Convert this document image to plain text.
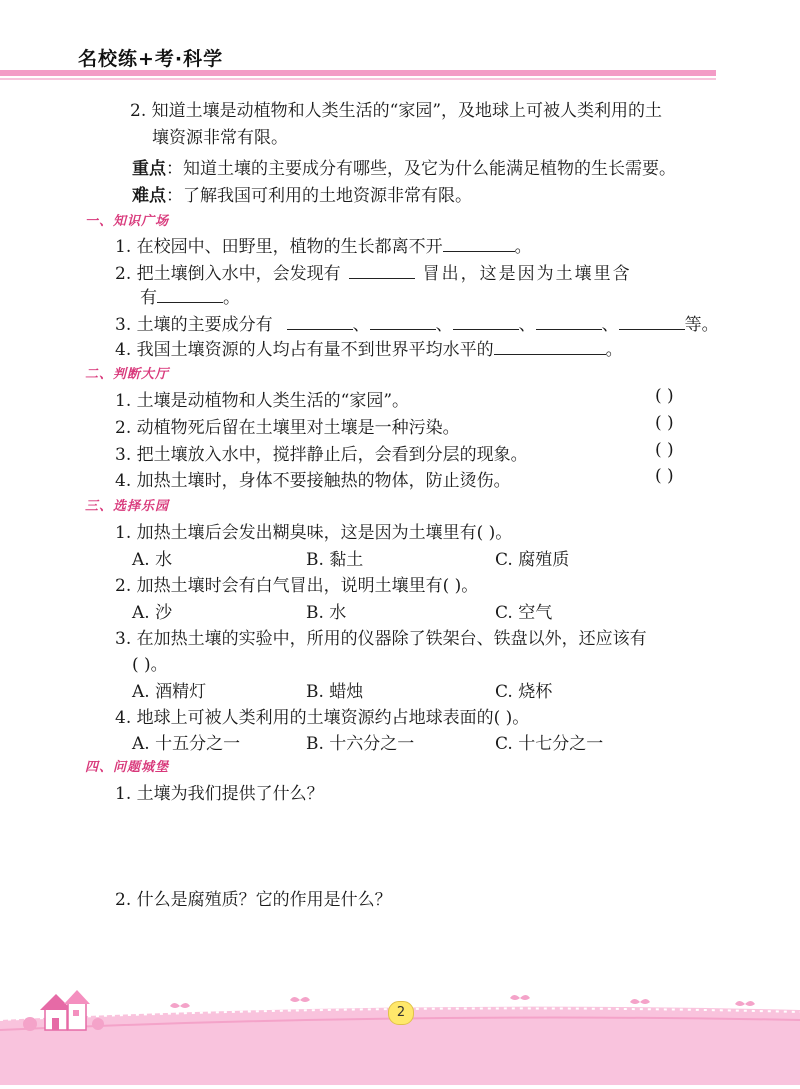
名校练+考·科学
2. 知道土壤是动植物和人类生活的“家园”，及地球上可被人类利用的土
壤资源非常有限。
重点：知道土壤的主要成分有哪些，及它为什么能满足植物的生长需要。
难点：了解我国可利用的土地资源非常有限。
一、知识广场
1. 在校园中、田野里，植物的生长都离不开	。
2. 把土壤倒入水中，会发现有	冒出，这是因为土壤里含
有	。
3. 土壤的主要成分有	、	、	、	、	等。
4. 我国土壤资源的人均占有量不到世界平均水平的	。
二、判断大厅
1. 土壤是动植物和人类生活的“家园”。	( )
2. 动植物死后留在土壤里对土壤是一种污染。	( )
3. 把土壤放入水中，搅拌静止后，会看到分层的现象。	( )
4. 加热土壤时，身体不要接触热的物体，防止烫伤。	( )
三、选择乐园
1. 加热土壤后会发出糊臭味，这是因为土壤里有( )。
A. 水	B. 黏土	C. 腐殖质
2. 加热土壤时会有白气冒出，说明土壤里有( )。
A. 沙	B. 水	C. 空气
3. 在加热土壤的实验中，所用的仪器除了铁架台、铁盘以外，还应该有
( )。
A. 酒精灯	B. 蜡烛	C. 烧杯
4. 地球上可被人类利用的土壤资源约占地球表面的( )。
A. 十五分之一	B. 十六分之一	C. 十七分之一
四、问题城堡
1. 土壤为我们提供了什么？
2. 什么是腐殖质？它的作用是什么？
2
